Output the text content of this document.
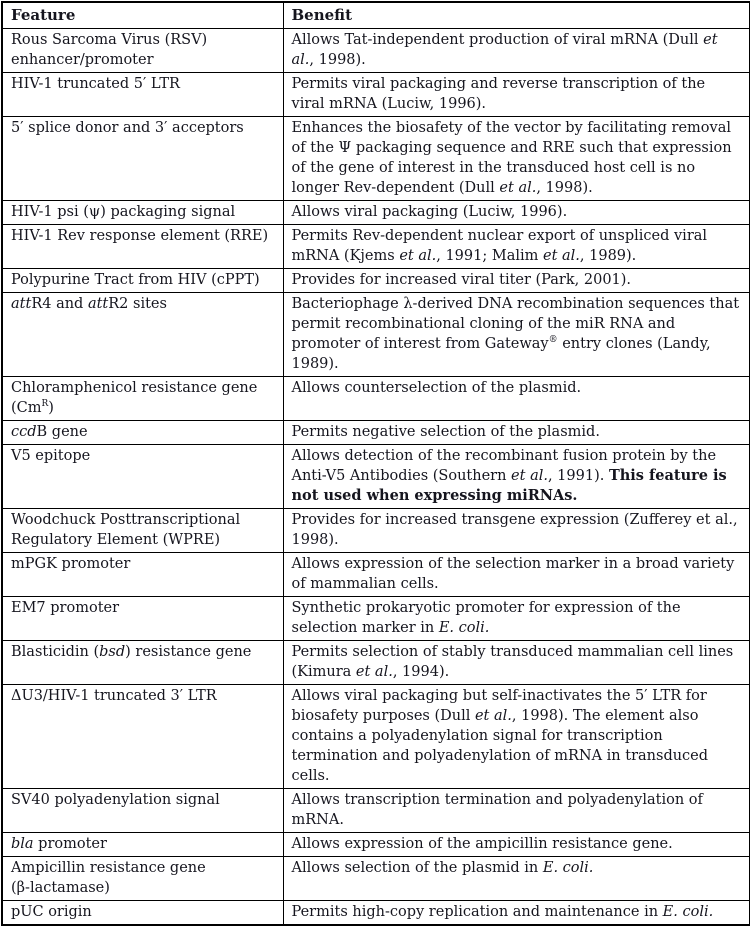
Feature	Benefit
Rous Sarcoma Virus (RSV)
enhancer/promoter	Allows Tat-independent production of viral mRNA (Dull et al., 1998).
HIV-1 truncated 5′ LTR	Permits viral packaging and reverse transcription of the viral mRNA (Luciw, 1996).
5′ splice donor and 3′ acceptors	Enhances the biosafety of the vector by facilitating removal of the Ψ packaging sequence and RRE such that expression of the gene of interest in the transduced host cell is no longer Rev-dependent (Dull et al., 1998).
HIV-1 psi (ψ) packaging signal	Allows viral packaging (Luciw, 1996).
HIV-1 Rev response element (RRE)	Permits Rev-dependent nuclear export of unspliced viral mRNA (Kjems et al., 1991; Malim et al., 1989).
Polypurine Tract from HIV (cPPT)	Provides for increased viral titer (Park, 2001).
attR4 and attR2 sites	Bacteriophage λ-derived DNA recombination sequences that permit recombinational cloning of the miR RNA and promoter of interest from Gateway® entry clones (Landy, 1989).
Chloramphenicol resistance gene $(Cm^R)$	Allows counterselection of the plasmid.
ccdB gene	Permits negative selection of the plasmid.
V5 epitope	Allows detection of the recombinant fusion protein by the Anti-V5 Antibodies (Southern et al., 1991). This feature is not used when expressing miRNAs.
Woodchuck Posttranscriptional
Regulatory Element (WPRE)	Provides for increased transgene expression (Zufferey et al., 1998).
mPGK promoter	Allows expression of the selection marker in a broad variety of mammalian cells.
EM7 promoter	Synthetic prokaryotic promoter for expression of the selection marker in E. coli.
Blasticidin (bsd) resistance gene	Permits selection of stably transduced mammalian cell lines (Kimura et al., 1994).
ΔU3/HIV-1 truncated 3′ LTR	Allows viral packaging but self-inactivates the 5′ LTR for biosafety purposes (Dull et al., 1998). The element also contains a polyadenylation signal for transcription termination and polyadenylation of mRNA in transduced cells.
SV40 polyadenylation signal	Allows transcription termination and polyadenylation of mRNA.
bla promoter	Allows expression of the ampicillin resistance gene.
Ampicillin resistance gene
(β-lactamase)	Allows selection of the plasmid in E. coli.
pUC origin	Permits high-copy replication and maintenance in E. coli.
